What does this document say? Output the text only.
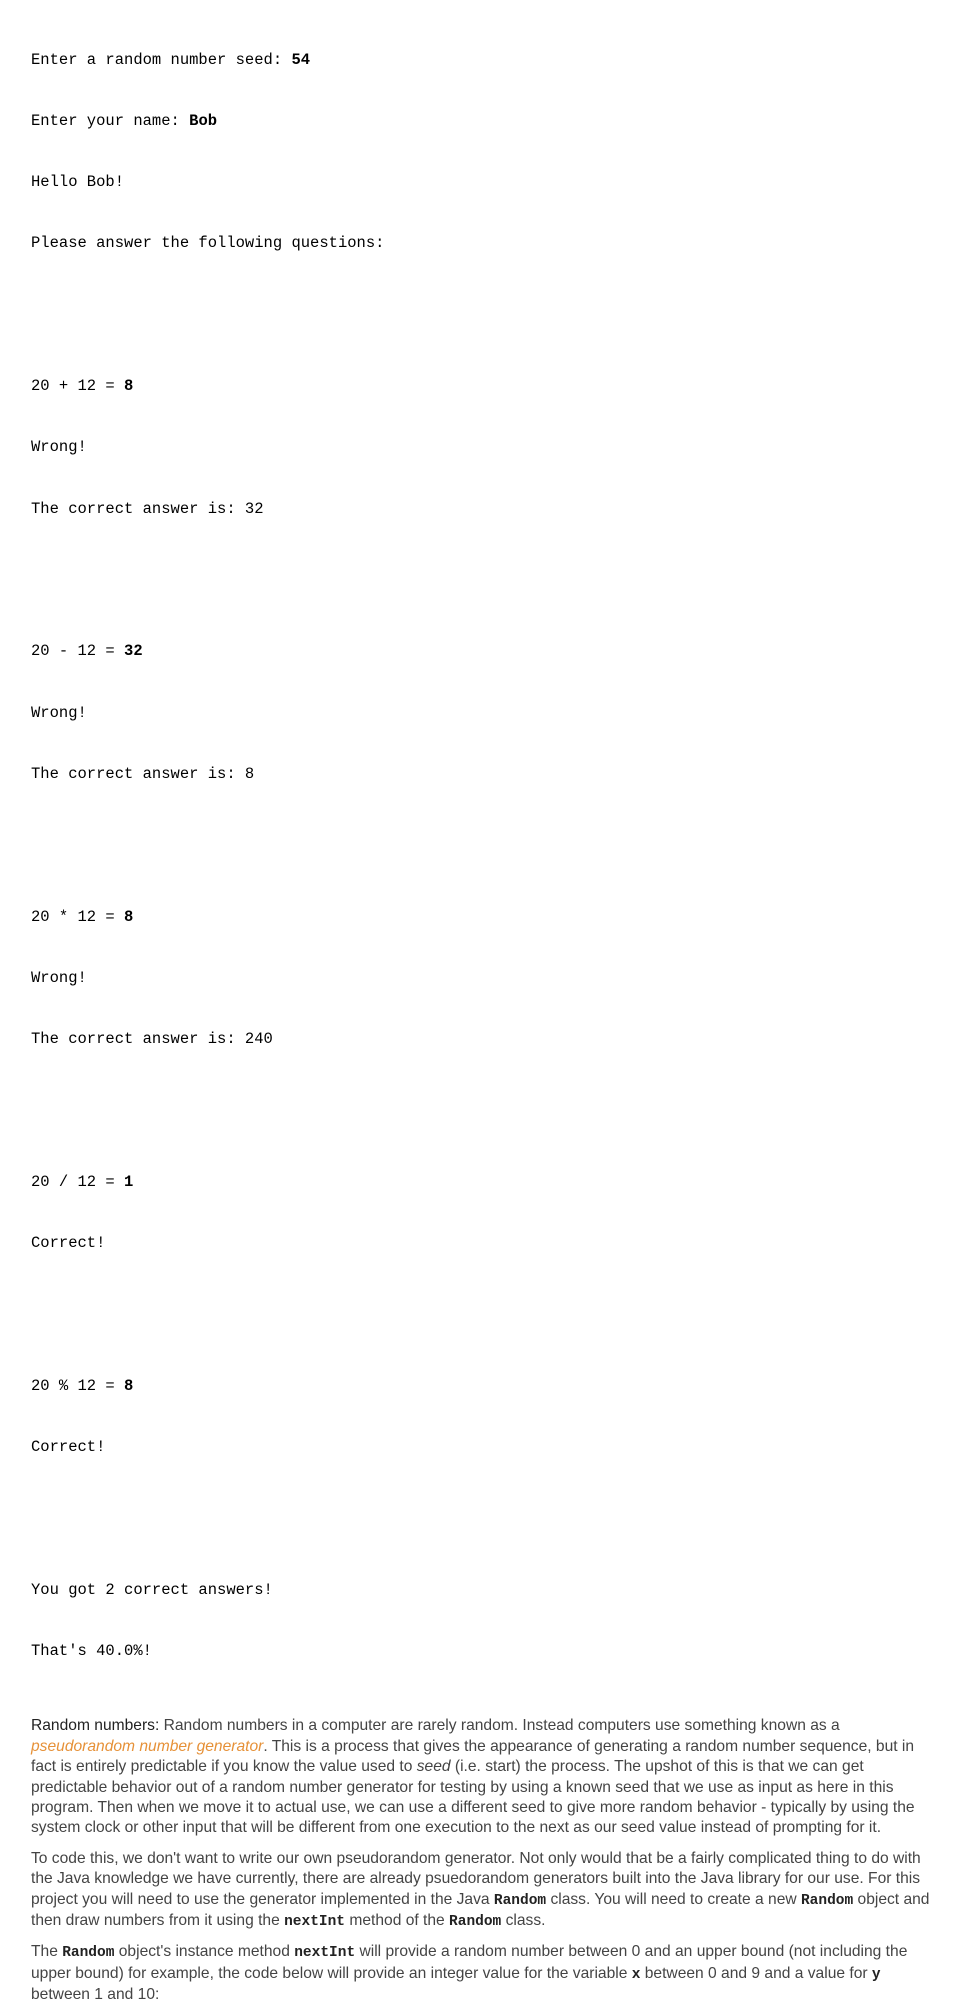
Enter a random number seed: 54

Enter your name: Bob

Hello Bob!

Please answer the following questions:

20 + 12 = 8

Wrong!

The correct answer is: 32

20 - 12 = 32

Wrong!

The correct answer is: 8

20 * 12 = 8

Wrong!

The correct answer is: 240

20 / 12 = 1

Correct!

20 % 12 = 8

Correct!

You got 2 correct answers!

That's 40.0%!

Random numbers: Random numbers in a computer are rarely random. Instead computers use something known as a pseudorandom number generator. This is a process that gives the appearance of generating a random number sequence, but in fact is entirely predictable if you know the value used to seed (i.e. start) the process. The upshot of this is that we can get predictable behavior out of a random number generator for testing by using a known seed that we use as input as here in this program. Then when we move it to actual use, we can use a different seed to give more random behavior - typically by using the system clock or other input that will be different from one execution to the next as our seed value instead of prompting for it.

To code this, we don't want to write our own pseudorandom generator. Not only would that be a fairly complicated thing to do with the Java knowledge we have currently, there are already psuedorandom generators built into the Java library for our use. For this project you will need to use the generator implemented in the Java Random class. You will need to create a new Random object and then draw numbers from it using the nextInt method of the Random class.

The Random object's instance method nextInt will provide a random number between 0 and an upper bound (not including the upper bound) for example, the code below will provide an integer value for the variable x between 0 and 9 and a value for y between 1 and 10:
